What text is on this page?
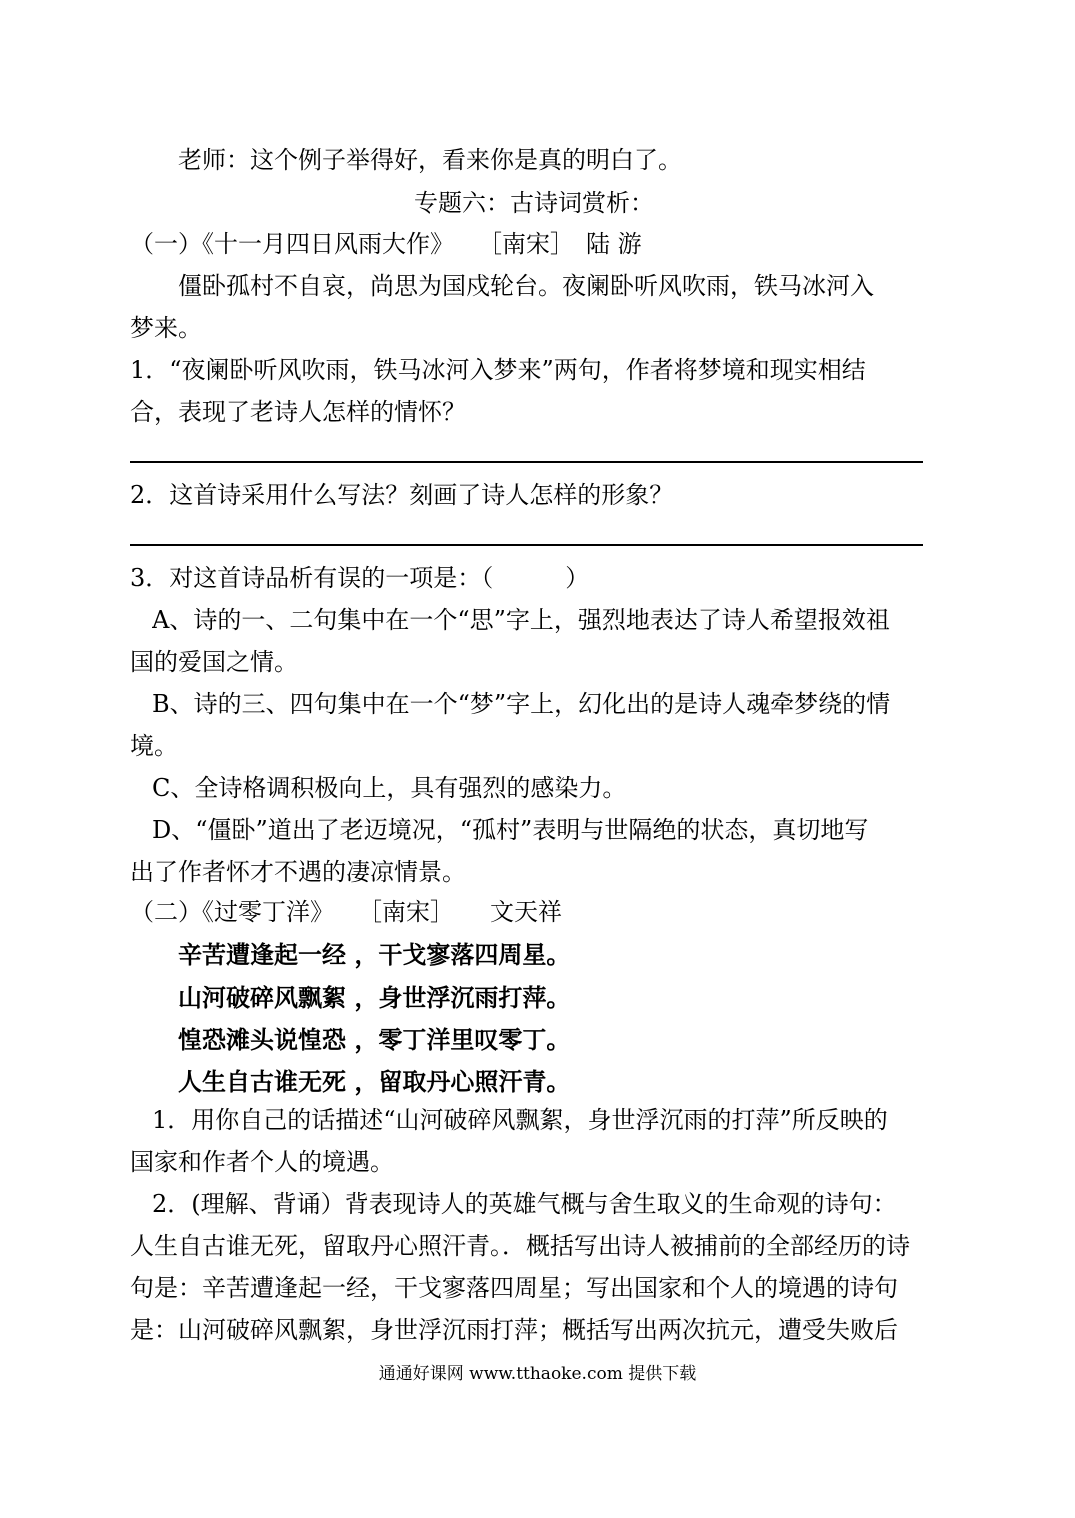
老师：这个例子举得好，看来你是真的明白了。
专题六：古诗词赏析：
（一）《十一月四日风雨大作》　　［南宋］　陆 游
　　僵卧孤村不自哀，尚思为国戍轮台。夜阑卧听风吹雨，铁马冰河入
梦来。
1．“夜阑卧听风吹雨，铁马冰河入梦来”两句，作者将梦境和现实相结
合，表现了老诗人怎样的情怀？
2．这首诗采用什么写法？刻画了诗人怎样的形象？
3．对这首诗品析有误的一项是：（　　　）
A、诗的一、二句集中在一个“思”字上，强烈地表达了诗人希望报效祖
国的爱国之情。
B、诗的三、四句集中在一个“梦”字上，幻化出的是诗人魂牵梦绕的情
境。
C、全诗格调积极向上，具有强烈的感染力。
D、“僵卧”道出了老迈境况，“孤村”表明与世隔绝的状态，真切地写
出了作者怀才不遇的凄凉情景。
（二）《过零丁洋》　　［南宋］　　文天祥
辛苦遭逢起一经 ，干戈寥落四周星。
山河破碎风飘絮 ，身世浮沉雨打萍。
惶恐滩头说惶恐 ，零丁洋里叹零丁。
人生自古谁无死 ，留取丹心照汗青。
1．用你自己的话描述“山河破碎风飘絮，身世浮沉雨的打萍”所反映的
国家和作者个人的境遇。
2．(理解、背诵）背表现诗人的英雄气概与舍生取义的生命观的诗句：
人生自古谁无死，留取丹心照汗青。．概括写出诗人被捕前的全部经历的诗
句是：辛苦遭逢起一经，干戈寥落四周星；写出国家和个人的境遇的诗句
是：山河破碎风飘絮，身世浮沉雨打萍；概括写出两次抗元，遭受失败后
通通好课网 www.tthaoke.com 提供下载
